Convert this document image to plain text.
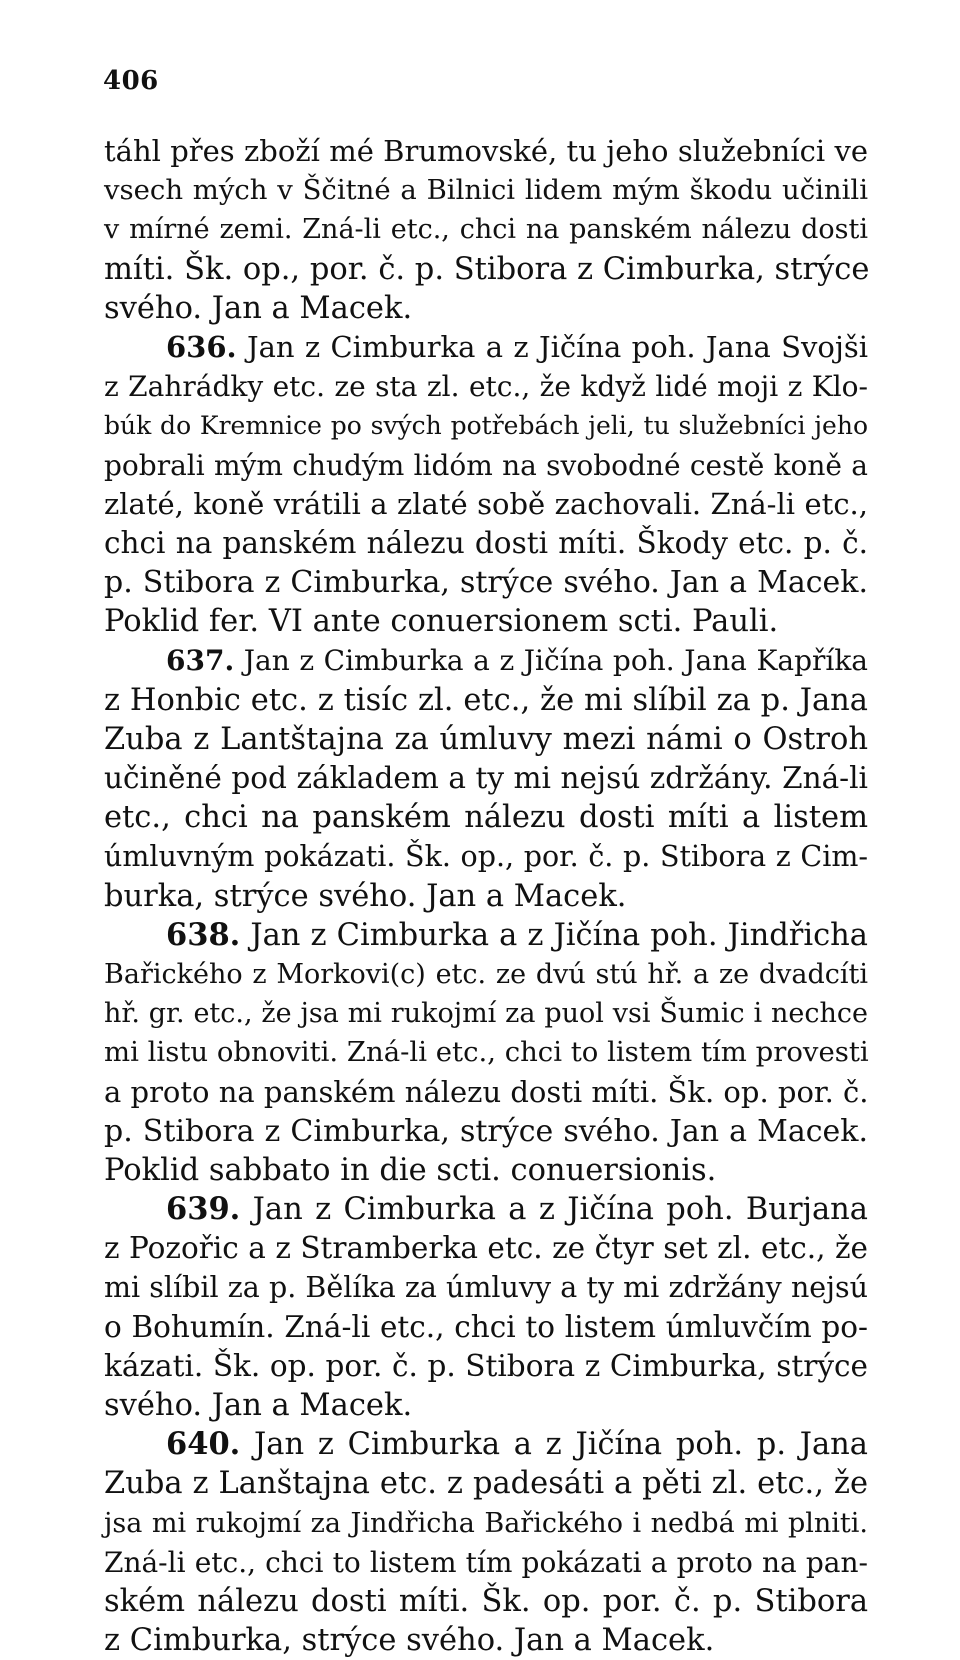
406
táhl přes zboží mé Brumovské, tu jeho služebníci ve
vsech mých v Ščitné a Bilnici lidem mým škodu učinili
v mírné zemi. Zná-li etc., chci na panském nálezu dosti
míti. Šk. op., por. č. p. Stibora z Cimburka, strýce
svého. Jan a Macek.
636. Jan z Cimburka a z Jičína poh. Jana Svojši
z Zahrádky etc. ze sta zl. etc., že když lidé moji z Klo-
búk do Kremnice po svých potřebách jeli, tu služebníci jeho
pobrali mým chudým lidóm na svobodné cestě koně a
zlaté, koně vrátili a zlaté sobě zachovali. Zná-li etc.,
chci na panském nálezu dosti míti. Škody etc. p. č.
p. Stibora z Cimburka, strýce svého. Jan a Macek.
Poklid fer. VI ante conuersionem scti. Pauli.
637. Jan z Cimburka a z Jičína poh. Jana Kapříka
z Honbic etc. z tisíc zl. etc., že mi slíbil za p. Jana
Zuba z Lantštajna za úmluvy mezi námi o Ostroh
učiněné pod základem a ty mi nejsú zdržány. Zná-li
etc., chci na panském nálezu dosti míti a listem
úmluvným pokázati. Šk. op., por. č. p. Stibora z Cim-
burka, strýce svého. Jan a Macek.
638. Jan z Cimburka a z Jičína poh. Jindřicha
Bařického z Morkovi(c) etc. ze dvú stú hř. a ze dvadcíti
hř. gr. etc., že jsa mi rukojmí za puol vsi Šumic i nechce
mi listu obnoviti. Zná-li etc., chci to listem tím provesti
a proto na panském nálezu dosti míti. Šk. op. por. č.
p. Stibora z Cimburka, strýce svého. Jan a Macek.
Poklid sabbato in die scti. conuersionis.
639. Jan z Cimburka a z Jičína poh. Burjana
z Pozořic a z Stramberka etc. ze čtyr set zl. etc., že
mi slíbil za p. Bělíka za úmluvy a ty mi zdržány nejsú
o Bohumín. Zná-li etc., chci to listem úmluvčím po-
kázati. Šk. op. por. č. p. Stibora z Cimburka, strýce
svého. Jan a Macek.
640. Jan z Cimburka a z Jičína poh. p. Jana
Zuba z Lanštajna etc. z padesáti a pěti zl. etc., že
jsa mi rukojmí za Jindřicha Bařického i nedbá mi plniti.
Zná-li etc., chci to listem tím pokázati a proto na pan-
ském nálezu dosti míti. Šk. op. por. č. p. Stibora
z Cimburka, strýce svého. Jan a Macek.
